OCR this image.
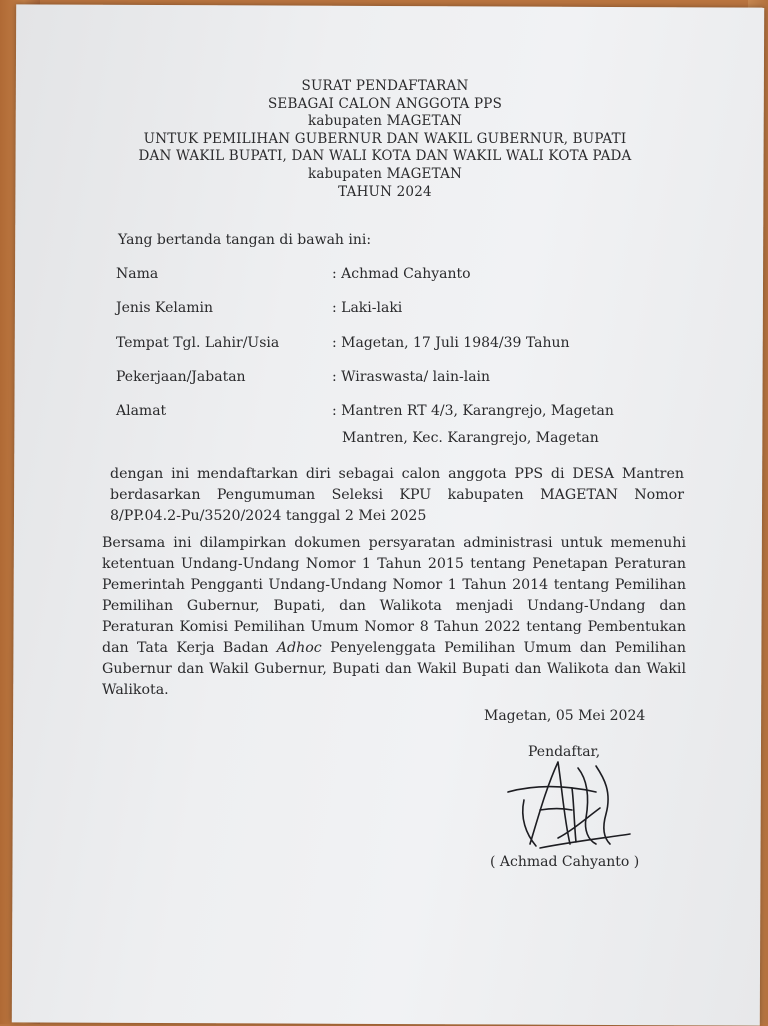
SURAT PENDAFTARAN
SEBAGAI CALON ANGGOTA PPS
kabupaten MAGETAN
UNTUK PEMILIHAN GUBERNUR DAN WAKIL GUBERNUR, BUPATI
DAN WAKIL BUPATI, DAN WALI KOTA DAN WAKIL WALI KOTA PADA
kabupaten MAGETAN
TAHUN 2024
Yang bertanda tangan di bawah ini:
Nama	: Achmad Cahyanto
Jenis Kelamin	: Laki-laki
Tempat Tgl. Lahir/Usia	: Magetan, 17 Juli 1984/39 Tahun
Pekerjaan/Jabatan	: Wiraswasta/ lain-lain
Alamat	: Mantren RT 4/3, Karangrejo, Magetan
Mantren, Kec. Karangrejo, Magetan
dengan ini mendaftarkan diri sebagai calon anggota PPS di DESA Mantren berdasarkan Pengumuman Seleksi KPU kabupaten MAGETAN Nomor 8/PP.04.2-Pu/3520/2024 tanggal 2 Mei 2025
Bersama ini dilampirkan dokumen persyaratan administrasi untuk memenuhi ketentuan Undang-Undang Nomor 1 Tahun 2015 tentang Penetapan Peraturan Pemerintah Pengganti Undang-Undang Nomor 1 Tahun 2014 tentang Pemilihan Pemilihan Gubernur, Bupati, dan Walikota menjadi Undang-Undang dan Peraturan Komisi Pemilihan Umum Nomor 8 Tahun 2022 tentang Pembentukan dan Tata Kerja Badan Adhoc Penyelenggata Pemilihan Umum dan Pemilihan Gubernur dan Wakil Gubernur, Bupati dan Wakil Bupati dan Walikota dan Wakil Walikota.
Magetan, 05 Mei 2024
Pendaftar,
( Achmad Cahyanto )
